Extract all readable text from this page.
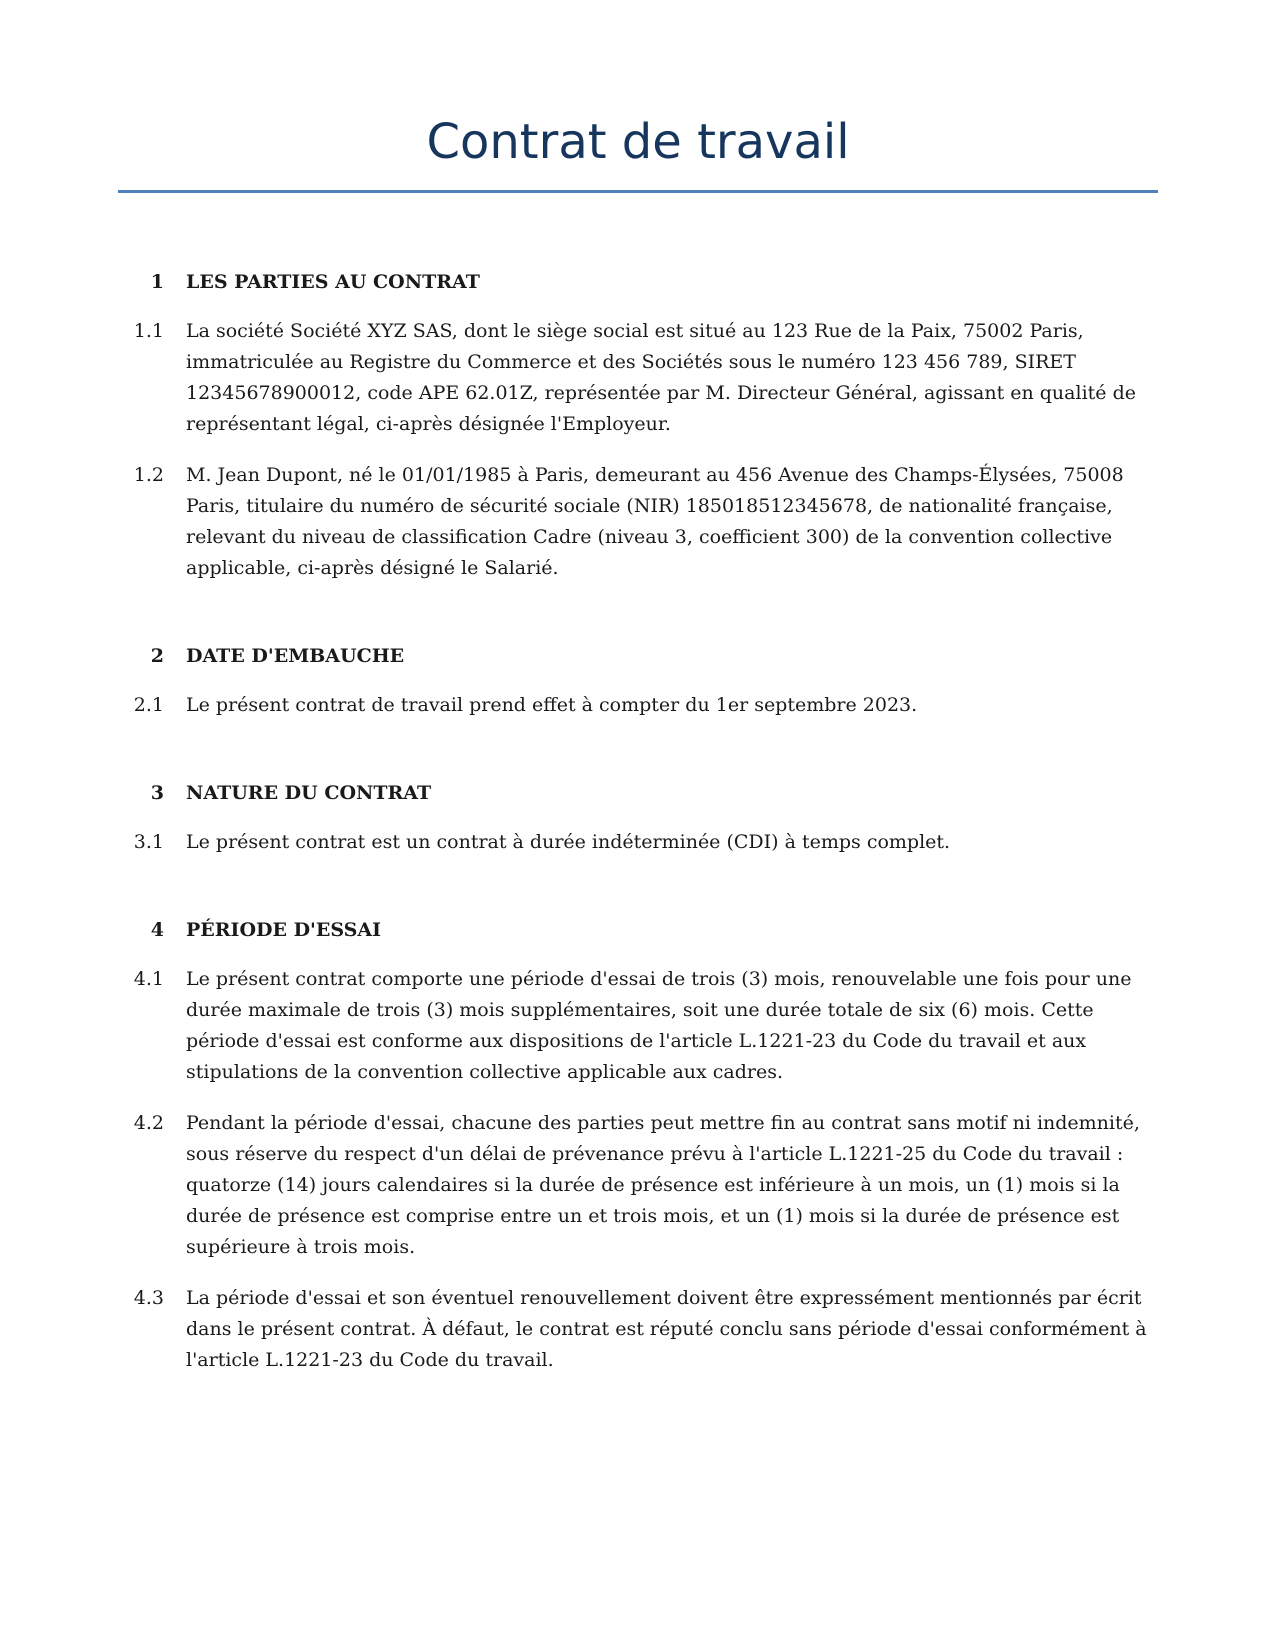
Contrat de travail
1	LES PARTIES AU CONTRAT
1.1	La société Société XYZ SAS, dont le siège social est situé au 123 Rue de la Paix, 75002 Paris, immatriculée au Registre du Commerce et des Sociétés sous le numéro 123 456 789, SIRET 12345678900012, code APE 62.01Z, représentée par M. Directeur Général, agissant en qualité de représentant légal, ci-après désignée l'Employeur.
1.2	M. Jean Dupont, né le 01/01/1985 à Paris, demeurant au 456 Avenue des Champs-Élysées, 75008 Paris, titulaire du numéro de sécurité sociale (NIR) 185018512345678, de nationalité française, relevant du niveau de classification Cadre (niveau 3, coefficient 300) de la convention collective applicable, ci-après désigné le Salarié.
2	DATE D'EMBAUCHE
2.1	Le présent contrat de travail prend effet à compter du 1er septembre 2023.
3	NATURE DU CONTRAT
3.1	Le présent contrat est un contrat à durée indéterminée (CDI) à temps complet.
4	PÉRIODE D'ESSAI
4.1	Le présent contrat comporte une période d'essai de trois (3) mois, renouvelable une fois pour une durée maximale de trois (3) mois supplémentaires, soit une durée totale de six (6) mois. Cette période d'essai est conforme aux dispositions de l'article L.1221-23 du Code du travail et aux stipulations de la convention collective applicable aux cadres.
4.2	Pendant la période d'essai, chacune des parties peut mettre fin au contrat sans motif ni indemnité, sous réserve du respect d'un délai de prévenance prévu à l'article L.1221-25 du Code du travail : quatorze (14) jours calendaires si la durée de présence est inférieure à un mois, un (1) mois si la durée de présence est comprise entre un et trois mois, et un (1) mois si la durée de présence est supérieure à trois mois.
4.3	La période d'essai et son éventuel renouvellement doivent être expressément mentionnés par écrit dans le présent contrat. À défaut, le contrat est réputé conclu sans période d'essai conformément à l'article L.1221-23 du Code du travail.
